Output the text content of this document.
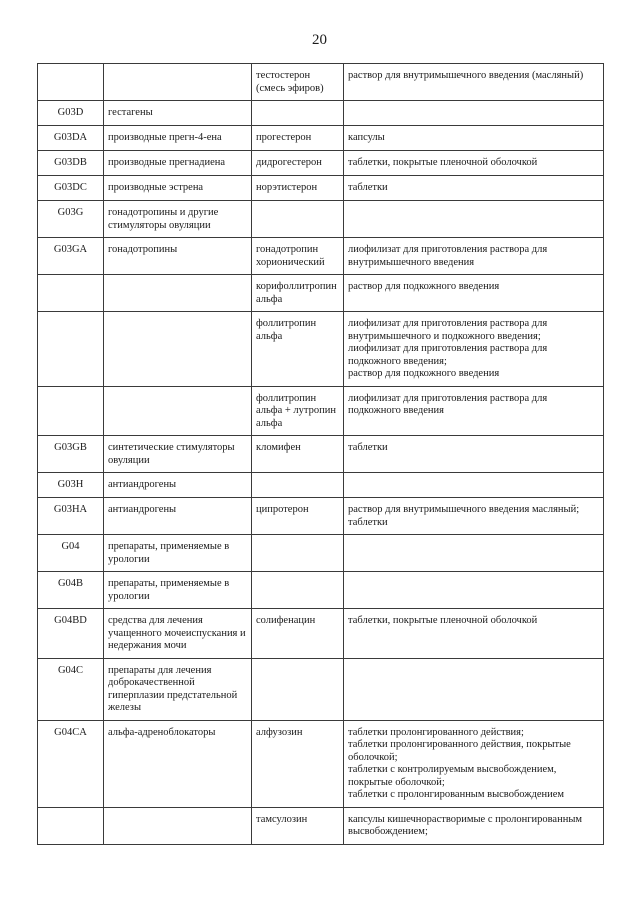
20
		тестостерон (смесь эфиров)	раствор для внутримышечного введения (масляный)
G03D	гестагены		
G03DA	производные прегн-4-ена	прогестерон	капсулы
G03DB	производные прегнадиена	дидрогестерон	таблетки, покрытые пленочной оболочкой
G03DC	производные эстрена	норэтистерон	таблетки
G03G	гонадотропины и другие стимуляторы овуляции		
G03GA	гонадотропины	гонадотропин хорионический	лиофилизат для приготовления раствора для внутримышечного введения
		корифоллитропин альфа	раствор для подкожного введения
		фоллитропин альфа	лиофилизат для приготовления раствора для внутримышечного и подкожного введения;
лиофилизат для приготовления раствора для подкожного введения;
раствор для подкожного введения
		фоллитропин альфа + лутропин альфа	лиофилизат для приготовления раствора для подкожного введения
G03GB	синтетические стимуляторы овуляции	кломифен	таблетки
G03H	антиандрогены		
G03HA	антиандрогены	ципротерон	раствор для внутримышечного введения масляный;
таблетки
G04	препараты, применяемые в урологии		
G04B	препараты, применяемые в урологии		
G04BD	средства для лечения учащенного мочеиспускания и недержания мочи	солифенацин	таблетки, покрытые пленочной оболочкой
G04C	препараты для лечения доброкачественной гиперплазии предстательной железы		
G04CA	альфа-адреноблокаторы	алфузозин	таблетки пролонгированного действия;
таблетки пролонгированного действия, покрытые оболочкой;
таблетки с контролируемым высвобождением, покрытые оболочкой;
таблетки с пролонгированным высвобождением
		тамсулозин	капсулы кишечнорастворимые с пролонгированным высвобождением;
